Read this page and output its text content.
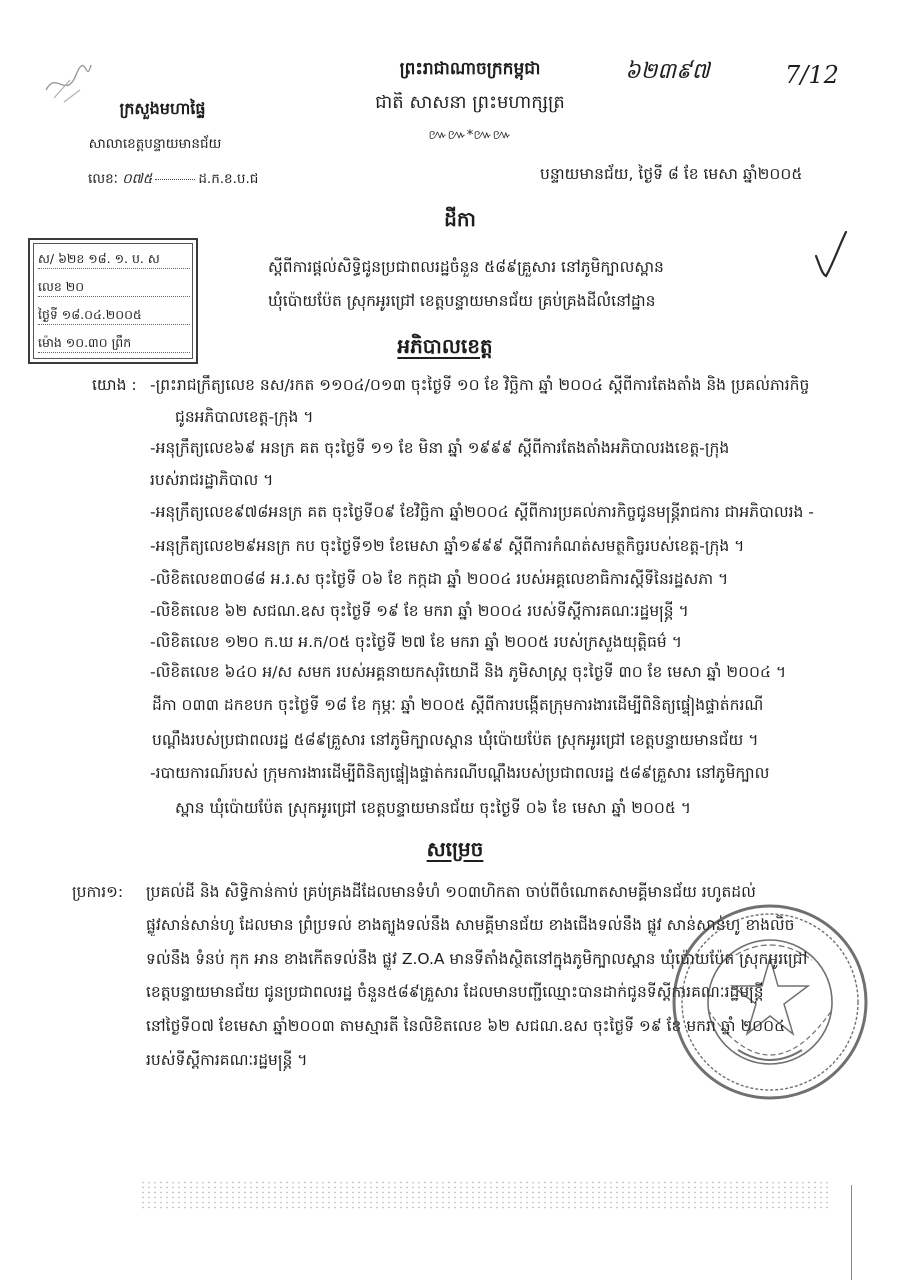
ព្រះរាជាណាចក្រកម្ពុជា
ជាតិ សាសនា ព្រះមហាក្សត្រ
៚៚*៚៚
៦២៣៩៧	7/12
ក្រសួងមហាផ្ទៃ
សាលាខេត្តបន្ទាយមានជ័យ
លេខៈ ០៧៥	ដ.ក.ខ.ប.ជ	បន្ទាយមានជ័យ, ថ្ងៃទី ៨ ខែ មេសា ឆ្នាំ២០០៥
ដីកា
ស/ ៦២ខ ១៨. ១. ប. ស
លេខ ២០
ថ្ងៃទី ១៨.០៤.២០០៥
ម៉ោង ១០.៣០ ព្រឹក
ស្តីពីការផ្តល់សិទ្ធិជូនប្រជាពលរដ្ឋចំនួន ៥៨៩គ្រួសារ នៅភូមិក្បាលស្ពាន
ឃុំប៉ោយប៉ែត ស្រុកអូរជ្រៅ ខេត្តបន្ទាយមានជ័យ គ្រប់គ្រងដីលំនៅដ្ឋាន
អភិបាលខេត្ត
យោង : -ព្រះរាជក្រឹត្យលេខ នស/រកត ១១០៤/០១៣ ចុះថ្ងៃទី ១០ ខែ វិច្ឆិកា ឆ្នាំ ២០០៤ ស្តីពីការតែងតាំង និង ប្រគល់ភារកិច្ច
ជូនអភិបាលខេត្ត-ក្រុង ។
-អនុក្រឹត្យលេខ៦៩ អនក្រ គត ចុះថ្ងៃទី ១១ ខែ មិនា ឆ្នាំ ១៩៩៩ ស្តីពីការតែងតាំងអភិបាលរងខេត្ត-ក្រុង
របស់រាជរដ្ឋាភិបាល ។
-អនុក្រឹត្យលេខ៩៧៨អនក្រ គត ចុះថ្ងៃទី០៩ ខែវិច្ឆិកា ឆ្នាំ២០០៤ ស្តីពីការប្រគល់ភារកិច្ចជូនមន្ត្រីរាជការ ជាអភិបាលរង -
-អនុក្រឹត្យលេខ២៩អនក្រ កប ចុះថ្ងៃទី១២ ខែមេសា ឆ្នាំ១៩៩៩ ស្តីពីការកំណត់សមត្ថកិច្ចរបស់ខេត្ត-ក្រុង ។
-លិខិតលេខ៣០៨៨ អ.រ.ស ចុះថ្ងៃទី ០៦ ខែ កក្កដា ឆ្នាំ ២០០៤ របស់អគ្គលេខាធិការស្តីទីនៃរដ្ឋសភា ។
-លិខិតលេខ ៦២ សជណ.ឧស ចុះថ្ងៃទី ១៩ ខែ មករា ឆ្នាំ ២០០៤ របស់ទីស្តីការគណៈរដ្ឋមន្ត្រី ។
-លិខិតលេខ ១២០ ក.ឃ អ.ក/០៥ ចុះថ្ងៃទី ២៧ ខែ មករា ឆ្នាំ ២០០៥ របស់ក្រសួងយុត្តិធម៌ ។
-លិខិតលេខ ៦៤០ អ/ស សមក របស់អគ្គនាយកសុរិយោដី និង ភូមិសាស្ត្រ ចុះថ្ងៃទី ៣០ ខែ មេសា ឆ្នាំ ២០០៤ ។
ដីកា ០៣៣ ដកខបក ចុះថ្ងៃទី ១៨ ខែ កុម្ភៈ ឆ្នាំ ២០០៥ ស្តីពីការបង្កើតក្រុមការងារដើម្បីពិនិត្យផ្ទៀងផ្ទាត់ករណី
បណ្តឹងរបស់ប្រជាពលរដ្ឋ ៥៨៩គ្រួសារ នៅភូមិក្បាលស្ពាន ឃុំប៉ោយប៉ែត ស្រុកអូរជ្រៅ ខេត្តបន្ទាយមានជ័យ ។
-របាយការណ៍របស់ ក្រុមការងារដើម្បីពិនិត្យផ្ទៀងផ្ទាត់ករណីបណ្តឹងរបស់ប្រជាពលរដ្ឋ ៥៨៩គ្រួសារ នៅភូមិក្បាល
ស្ពាន ឃុំប៉ោយប៉ែត ស្រុកអូរជ្រៅ ខេត្តបន្ទាយមានជ័យ ចុះថ្ងៃទី ០៦ ខែ មេសា ឆ្នាំ ២០០៥ ។
សម្រេច
ប្រការ១:	ប្រគល់ដី និង សិទ្ធិកាន់កាប់ គ្រប់គ្រងដីដែលមានទំហំ ១០៣ហិកតា ចាប់ពីចំណោតសាមគ្គីមានជ័យ រហូតដល់
ផ្លូវសាន់សាន់ហូ ដែលមាន ព្រំប្រទល់ ខាងត្បូងទល់នឹង សាមគ្គីមានជ័យ ខាងជើងទល់នឹង ផ្លូវ សាន់សាន់ហូ ខាងលិច
ទល់នឹង ទំនប់ កុក អាន ខាងកើតទល់នឹង ផ្លូវ Z.O.A មានទីតាំងស្ថិតនៅក្នុងភូមិក្បាលស្ពាន ឃុំប៉ោយប៉ែត ស្រុកអូរជ្រៅ
ខេត្តបន្ទាយមានជ័យ ជូនប្រជាពលរដ្ឋ ចំនួន៥៨៩គ្រួសារ ដែលមានបញ្ជីឈ្មោះបានដាក់ជូនទីស្តីការគណៈរដ្ឋមន្ត្រី
នៅថ្ងៃទី០៧ ខែមេសា ឆ្នាំ២០០៣ តាមស្មារតី នៃលិខិតលេខ ៦២ សជណ.ឧស ចុះថ្ងៃទី ១៩ ខែ មករា ឆ្នាំ ២០០៤
របស់ទីស្តីការគណៈរដ្ឋមន្ត្រី ។
